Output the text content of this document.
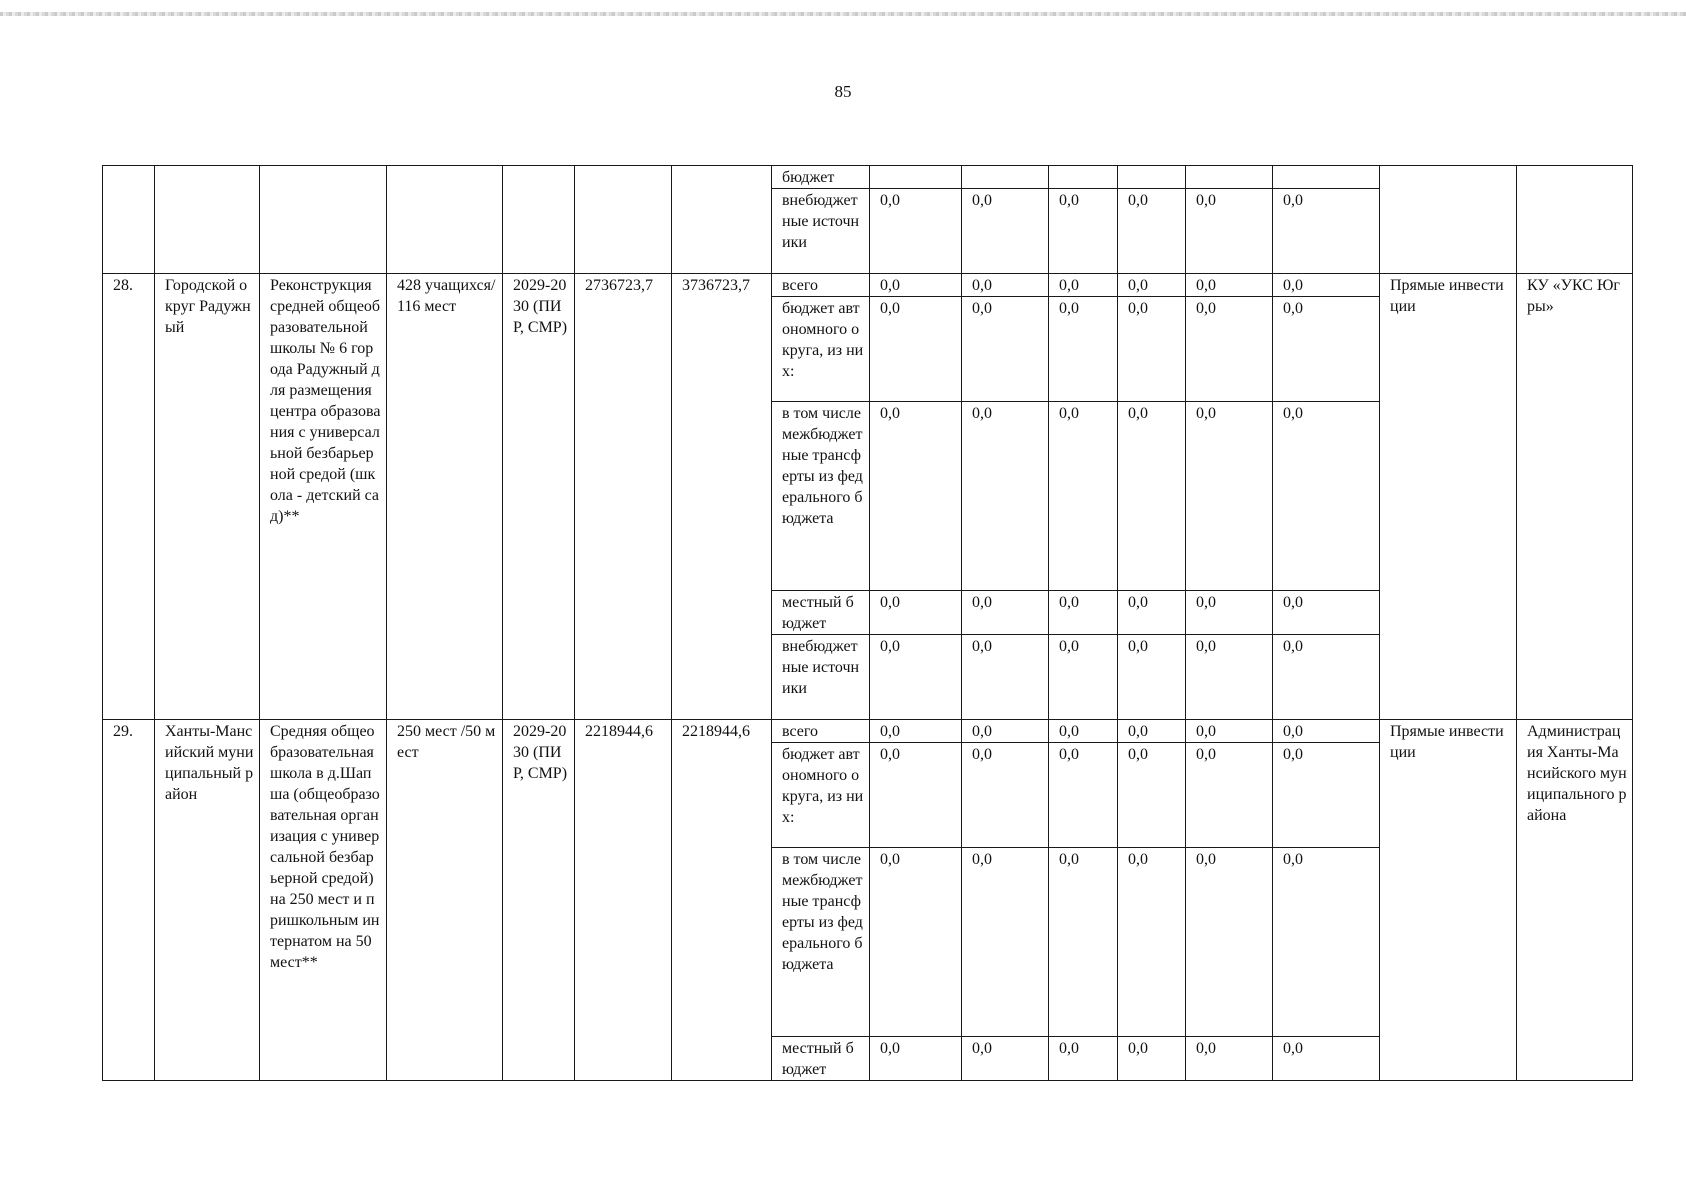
85
							бюджет								
							внебюджетные источники	0,0	0,0	0,0	0,0	0,0	0,0		
28.	Городской округ Радужный	Реконструкция средней общеобразовательной школы № 6 города Радужный для размещения центра образования с универсальной безбарьерной средой (школа - детский сад)**	428 учащихся/ 116 мест	2029-2030 (ПИР, СМР)	2736723,7	3736723,7	всего	0,0	0,0	0,0	0,0	0,0	0,0	Прямые инвестиции	КУ «УКС Югры»
							бюджет автономного округа, из них:	0,0	0,0	0,0	0,0	0,0	0,0		
							в том числе межбюджетные трансферты из федерального бюджета	0,0	0,0	0,0	0,0	0,0	0,0		
							местный бюджет	0,0	0,0	0,0	0,0	0,0	0,0		
							внебюджетные источники	0,0	0,0	0,0	0,0	0,0	0,0		
29.	Ханты-Мансийский муниципальный район	Средняя общеобразовательная школа в д.Шапша (общеобразовательная организация с универсальной безбарьерной средой) на 250 мест и пришкольным интернатом на 50 мест**	250 мест /50 мест	2029-2030 (ПИР, СМР)	2218944,6	2218944,6	всего	0,0	0,0	0,0	0,0	0,0	0,0	Прямые инвестиции	Администрация Ханты-Мансийского муниципального района
							бюджет автономного округа, из них:	0,0	0,0	0,0	0,0	0,0	0,0		
							в том числе межбюджетные трансферты из федерального бюджета	0,0	0,0	0,0	0,0	0,0	0,0		
							местный бюджет	0,0	0,0	0,0	0,0	0,0	0,0		
